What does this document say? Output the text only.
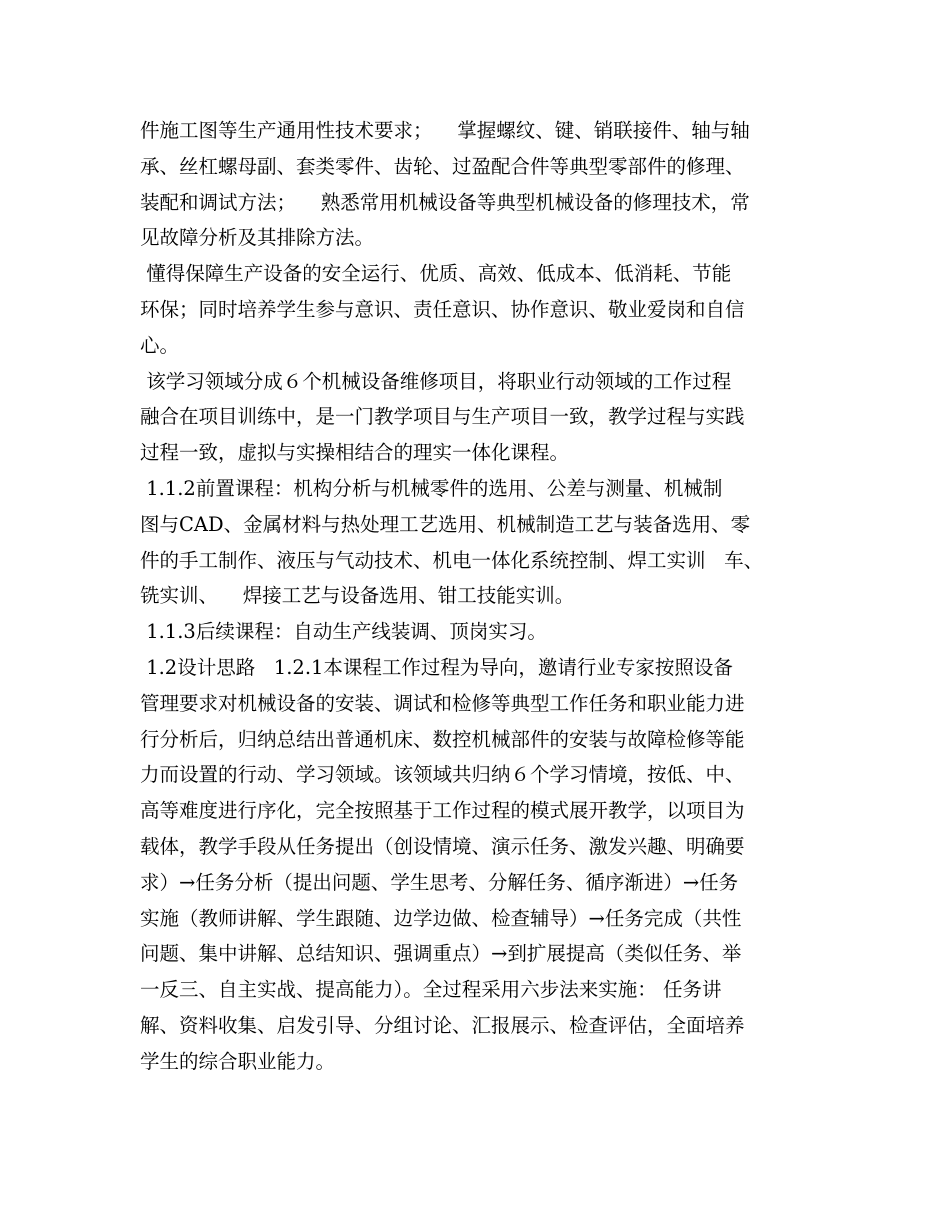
件施工图等生产通用性技术要求；    掌握螺纹、键、销联接件、轴与轴
承、丝杠螺母副、套类零件、齿轮、过盈配合件等典型零部件的修理、
装配和调试方法；    熟悉常用机械设备等典型机械设备的修理技术，常
见故障分析及其排除方法。
懂得保障生产设备的安全运行、优质、高效、低成本、低消耗、节能
环保；同时培养学生参与意识、责任意识、协作意识、敬业爱岗和自信
心。
该学习领域分成６个机械设备维修项目，将职业行动领域的工作过程
融合在项目训练中，是一门教学项目与生产项目一致，教学过程与实践
过程一致，虚拟与实操相结合的理实一体化课程。
1.1.2前置课程：机构分析与机械零件的选用、公差与测量、机械制
图与CAD、金属材料与热处理工艺选用、机械制造工艺与装备选用、零
件的手工制作、液压与气动技术、机电一体化系统控制、焊工实训   车、
铣实训、    焊接工艺与设备选用、钳工技能实训。
1.1.3后续课程：自动生产线装调、顶岗实习。
1.2设计思路   1.2.1本课程工作过程为导向，邀请行业专家按照设备
管理要求对机械设备的安装、调试和检修等典型工作任务和职业能力进
行分析后，归纳总结出普通机床、数控机械部件的安装与故障检修等能
力而设置的行动、学习领域。该领域共归纳６个学习情境，按低、中、
高等难度进行序化，完全按照基于工作过程的模式展开教学，以项目为
载体，教学手段从任务提出（创设情境、演示任务、激发兴趣、明确要
求）→任务分析（提出问题、学生思考、分解任务、循序渐进）→任务
实施（教师讲解、学生跟随、边学边做、检查辅导）→任务完成（共性
问题、集中讲解、总结知识、强调重点）→到扩展提高（类似任务、举
一反三、自主实战、提高能力）。全过程采用六步法来实施： 任务讲
解、资料收集、启发引导、分组讨论、汇报展示、检查评估，全面培养
学生的综合职业能力。
